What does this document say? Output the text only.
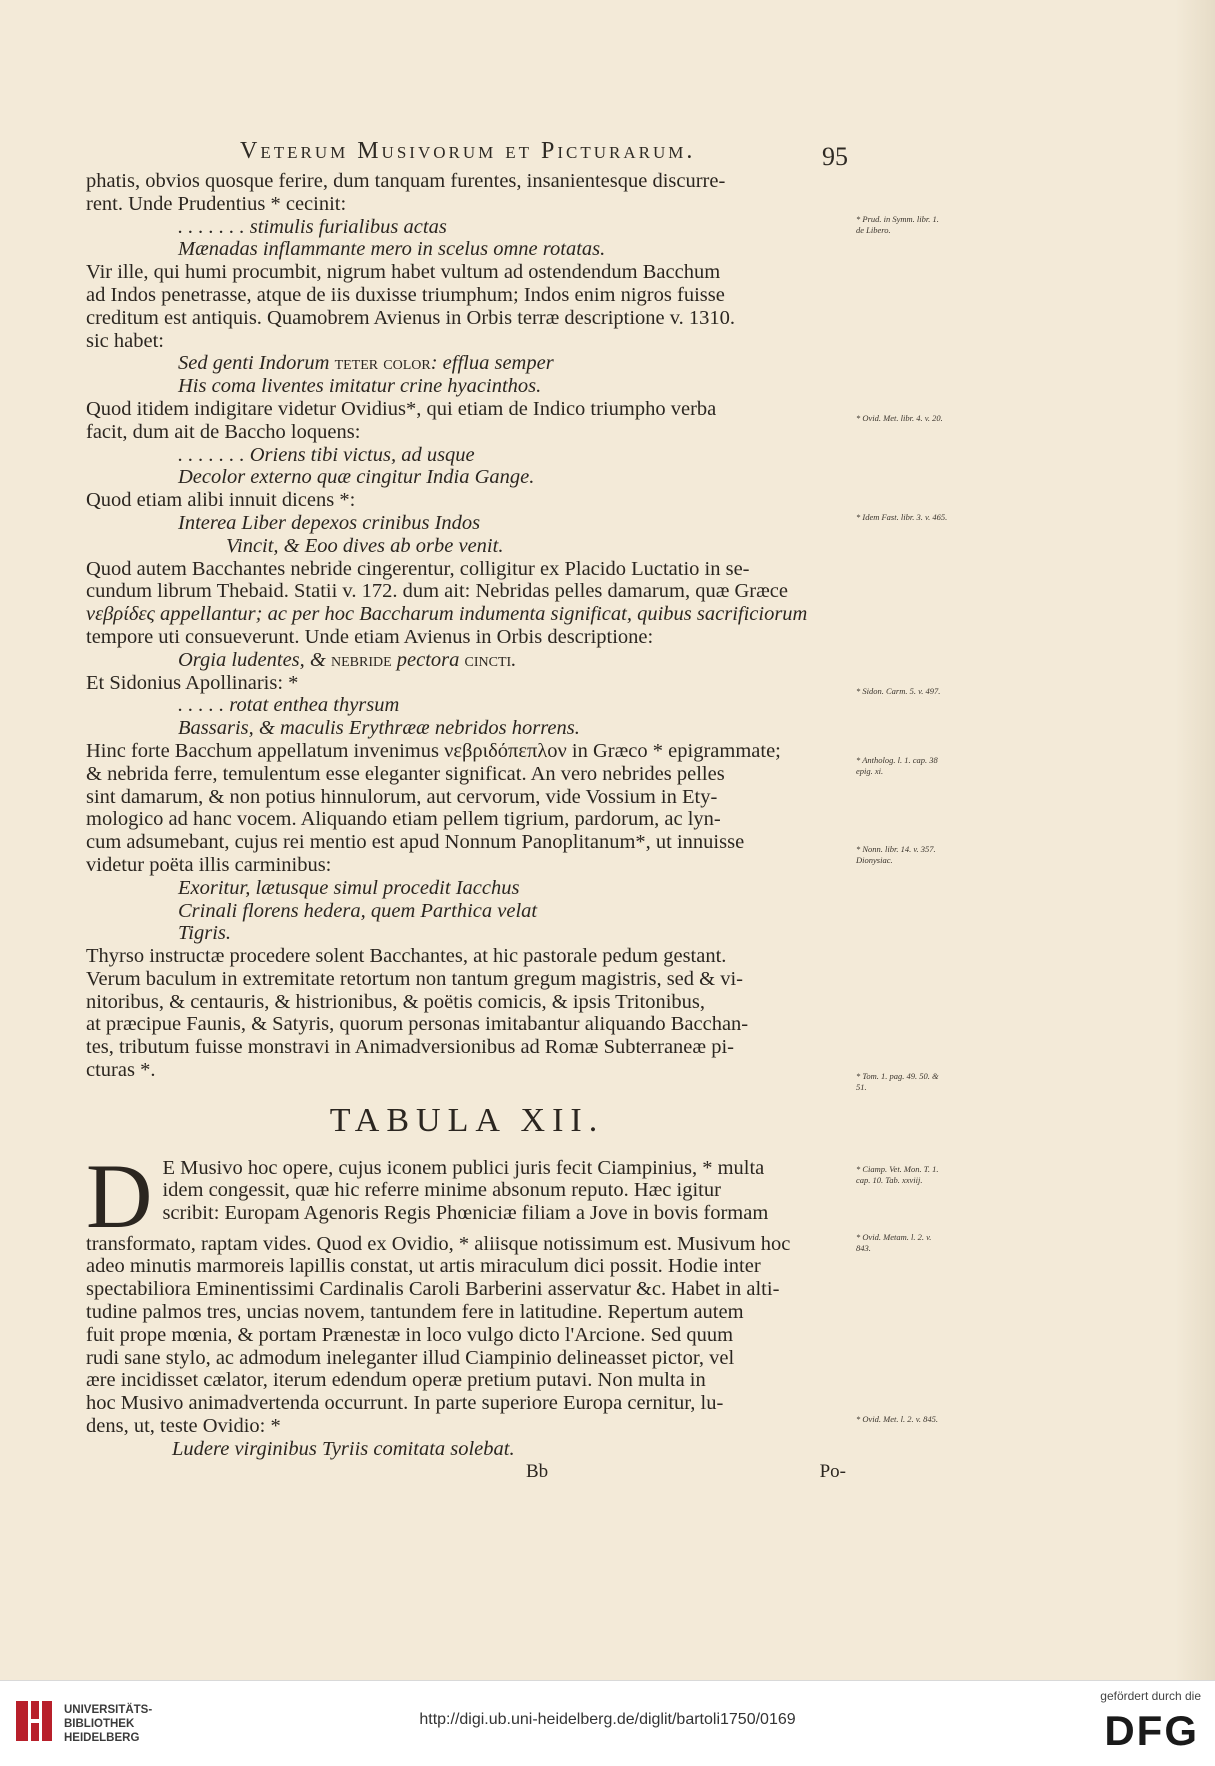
Veterum Musivorum et Picturarum.	95

phatis, obvios quosque ferire, dum tanquam furentes, insanientesque discurre-

rent. Unde Prudentius * cecinit:

. . . . . . . stimulis furialibus actas

Mænadas inflammante mero in scelus omne rotatas.

Vir ille, qui humi procumbit, nigrum habet vultum ad ostendendum Bacchum

ad Indos penetrasse, atque de iis duxisse triumphum; Indos enim nigros fuisse

creditum est antiquis. Quamobrem Avienus in Orbis terræ descriptione v. 1310.

sic habet:

Sed genti Indorum teter color: efflua semper

His coma liventes imitatur crine hyacinthos.

Quod itidem indigitare videtur Ovidius*, qui etiam de Indico triumpho verba

facit, dum ait de Baccho loquens:

. . . . . . . Oriens tibi victus, ad usque

Decolor externo quæ cingitur India Gange.

Quod etiam alibi innuit dicens *:

Interea Liber depexos crinibus Indos

Vincit, & Eoo dives ab orbe venit.

Quod autem Bacchantes nebride cingerentur, colligitur ex Placido Luctatio in se-

cundum librum Thebaid. Statii v. 172. dum ait: Nebridas pelles damarum, quæ Græce

νεβρίδες appellantur; ac per hoc Baccharum indumenta significat, quibus sacrificiorum

tempore uti consueverunt. Unde etiam Avienus in Orbis descriptione:

Orgia ludentes, & nebride pectora cincti.

Et Sidonius Apollinaris: *

. . . . . rotat enthea thyrsum

Bassaris, & maculis Erythrææ nebridos horrens.

Hinc forte Bacchum appellatum invenimus νεβριδόπεπλον in Græco * epigrammate;

& nebrida ferre, temulentum esse eleganter significat. An vero nebrides pelles

sint damarum, & non potius hinnulorum, aut cervorum, vide Vossium in Ety-

mologico ad hanc vocem. Aliquando etiam pellem tigrium, pardorum, ac lyn-

cum adsumebant, cujus rei mentio est apud Nonnum Panoplitanum*, ut innuisse

videtur poëta illis carminibus:

Exoritur, lætusque simul procedit Iacchus

Crinali florens hedera, quem Parthica velat

Tigris.

Thyrso instructæ procedere solent Bacchantes, at hic pastorale pedum gestant.

Verum baculum in extremitate retortum non tantum gregum magistris, sed & vi-

nitoribus, & centauris, & histrionibus, & poëtis comicis, & ipsis Tritonibus,

at præcipue Faunis, & Satyris, quorum personas imitabantur aliquando Bacchan-

tes, tributum fuisse monstravi in Animadversionibus ad Romæ Subterraneæ pi-

cturas *.

TABULA XII.
D E Musivo hoc opere, cujus iconem publici juris fecit Ciampinius, * multa

idem congessit, quæ hic referre minime absonum reputo. Hæc igitur

scribit: Europam Agenoris Regis Phœniciæ filiam a Jove in bovis formam

transformato, raptam vides. Quod ex Ovidio, * aliisque notissimum est. Musivum hoc

adeo minutis marmoreis lapillis constat, ut artis miraculum dici possit. Hodie inter

spectabiliora Eminentissimi Cardinalis Caroli Barberini asservatur &c. Habet in alti-

tudine palmos tres, uncias novem, tantundem fere in latitudine. Repertum autem

fuit prope mœnia, & portam Prænestæ in loco vulgo dicto l'Arcione. Sed quum

rudi sane stylo, ac admodum ineleganter illud Ciampinio delineasset pictor, vel

ære incidisset cælator, iterum edendum operæ pretium putavi. Non multa in

hoc Musivo animadvertenda occurrunt. In parte superiore Europa cernitur, lu-

dens, ut, teste Ovidio: *

Ludere virginibus Tyriis comitata solebat.

Bb	Po-
* Prud. in Symm. libr. 1. de Libero.
* Ovid. Met. libr. 4. v. 20.
* Idem Fast. libr. 3. v. 465.
* Sidon. Carm. 5. v. 497.
* Antholog. l. 1. cap. 38 epig. xi.
* Nonn. libr. 14. v. 357. Dionysiac.
* Tom. 1. pag. 49. 50. & 51.
* Ciamp. Vet. Mon. T. 1. cap. 10. Tab. xxviij.
* Ovid. Metam. l. 2. v. 843.
* Ovid. Met. l. 2. v. 845.
UNIVERSITÄTS-
BIBLIOTHEK
HEIDELBERG
http://digi.ub.uni-heidelberg.de/diglit/bartoli1750/0169
gefördert durch die
DFG
